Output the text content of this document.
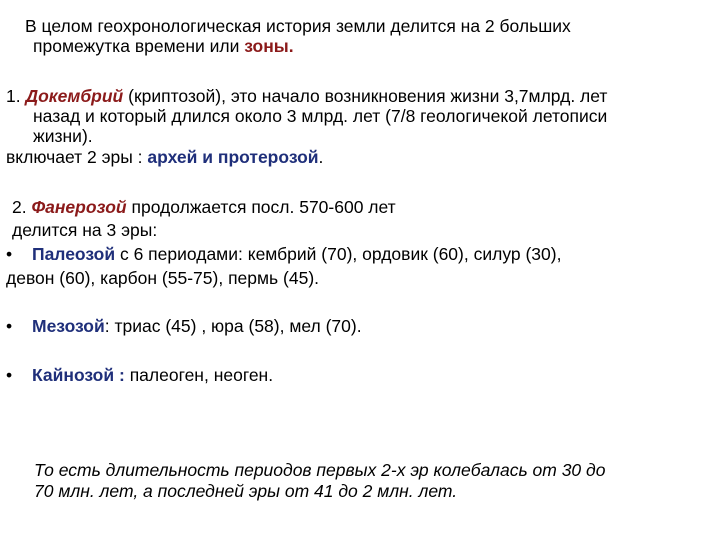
В целом геохронологическая история земли делится на 2 больших
промежутка времени или зоны.
1. Докембрий (криптозой), это начало возникновения жизни 3,7млрд. лет
назад и который длился около 3 млрд. лет (7/8 геологичекой летописи
жизни).
включает 2 эры : архей и протерозой.
2. Фанерозой продолжается посл. 570-600 лет
делится на 3 эры:
• Палеозой с 6 периодами: кембрий (70), ордовик (60), силур (30),
девон (60), карбон (55-75), пермь (45).
• Мезозой: триас (45) , юра (58), мел (70).
• Кайнозой : палеоген, неоген.
То есть длительность периодов первых 2-х эр колебалась от 30 до
70 млн. лет, а последней эры от 41 до 2 млн. лет.
